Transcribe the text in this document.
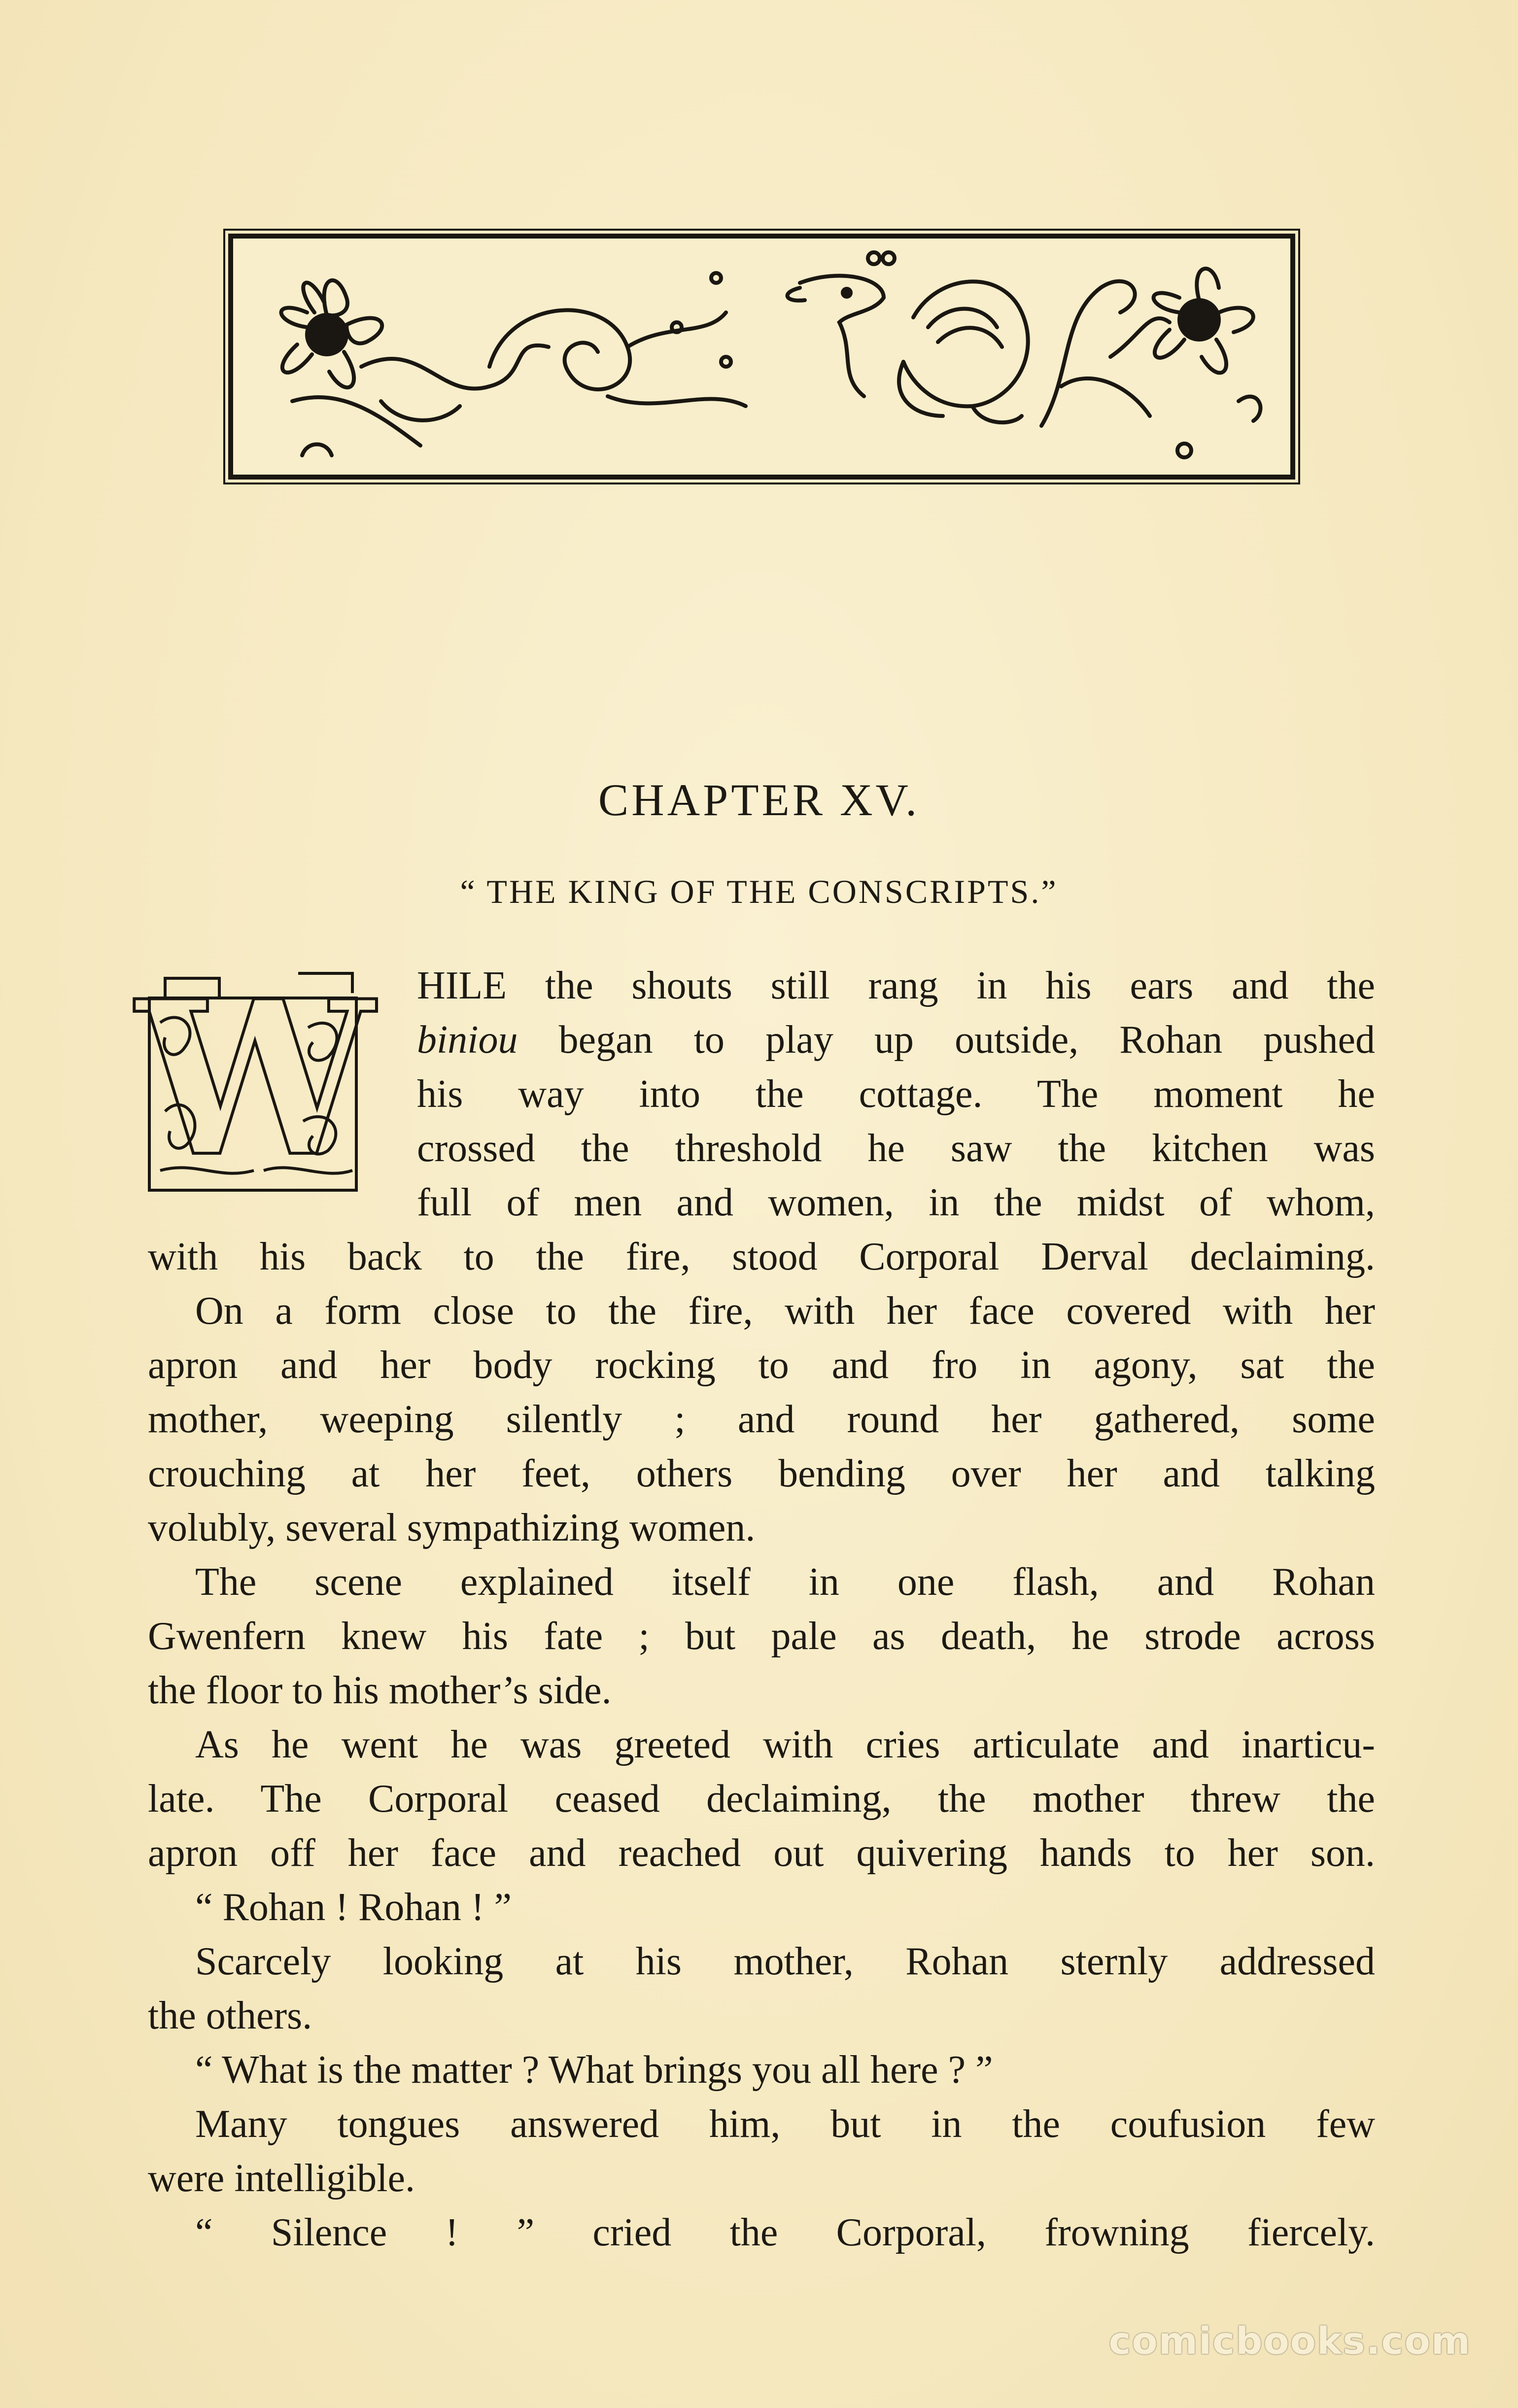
CHAPTER XV.
“ THE KING OF THE CONSCRIPTS.”
W HILE the shouts still rang in his ears and the
biniou began to play up outside, Rohan pushed
his way into the cottage. The moment he
crossed the threshold he saw the kitchen was
full of men and women, in the midst of whom,
with his back to the fire, stood Corporal Derval declaiming.
On a form close to the fire, with her face covered with her
apron and her body rocking to and fro in agony, sat the
mother, weeping silently ; and round her gathered, some
crouching at her feet, others bending over her and talking
volubly, several sympathizing women.
The scene explained itself in one flash, and Rohan
Gwenfern knew his fate ; but pale as death, he strode across
the floor to his mother’s side.
As he went he was greeted with cries articulate and inarticu-
late. The Corporal ceased declaiming, the mother threw the
apron off her face and reached out quivering hands to her son.
“ Rohan ! Rohan ! ”
Scarcely looking at his mother, Rohan sternly addressed
the others.
“ What is the matter ? What brings you all here ? ”
Many tongues answered him, but in the coufusion few
were intelligible.
“ Silence ! ” cried the Corporal, frowning fiercely.
comicbooks.com
